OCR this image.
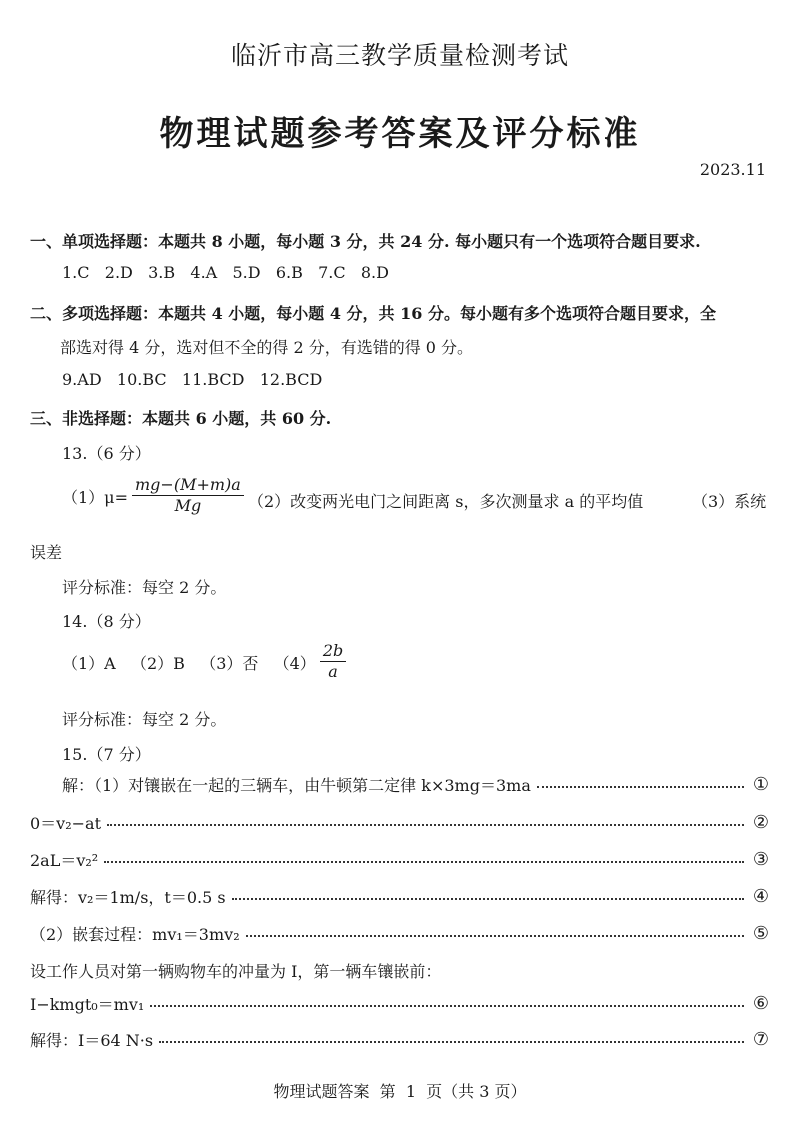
临沂市高三教学质量检测考试
物理试题参考答案及评分标准
2023.11
一、单项选择题：本题共 8 小题，每小题 3 分，共 24 分. 每小题只有一个选项符合题目要求.
1.C   2.D   3.B   4.A   5.D   6.B   7.C   8.D
二、多项选择题：本题共 4 小题，每小题 4 分，共 16 分。每小题有多个选项符合题目要求，全
部选对得 4 分，选对但不全的得 2 分，有选错的得 0 分。
9.AD   10.BC   11.BCD   12.BCD
三、非选择题：本题共 6 小题，共 60 分.
13.（6 分）
$(1)\mu= \frac{mg-(M+m)a}{Mg} (2)$改变两光电门之间距离 s，多次测量求 a 的平均值	（3）系统
误差
评分标准：每空 2 分。
14.（8 分）
（1）A   （2）B   （3）否   $(4) \frac{2b}{a}$
评分标准：每空 2 分。
15.（7 分）
解：（1）对镶嵌在一起的三辆车，由牛顿第二定律 k×3mg＝3ma	①
0＝v₂−at	②
2aL＝v₂²	③
解得：v₂＝1m/s，t＝0.5 s	④
（2）嵌套过程：mv₁＝3mv₂	⑤
设工作人员对第一辆购物车的冲量为 I，第一辆车镶嵌前：
I−kmgt₀＝mv₁	⑥
解得：I＝64 N·s	⑦
物理试题答案  第  1  页（共 3 页）
